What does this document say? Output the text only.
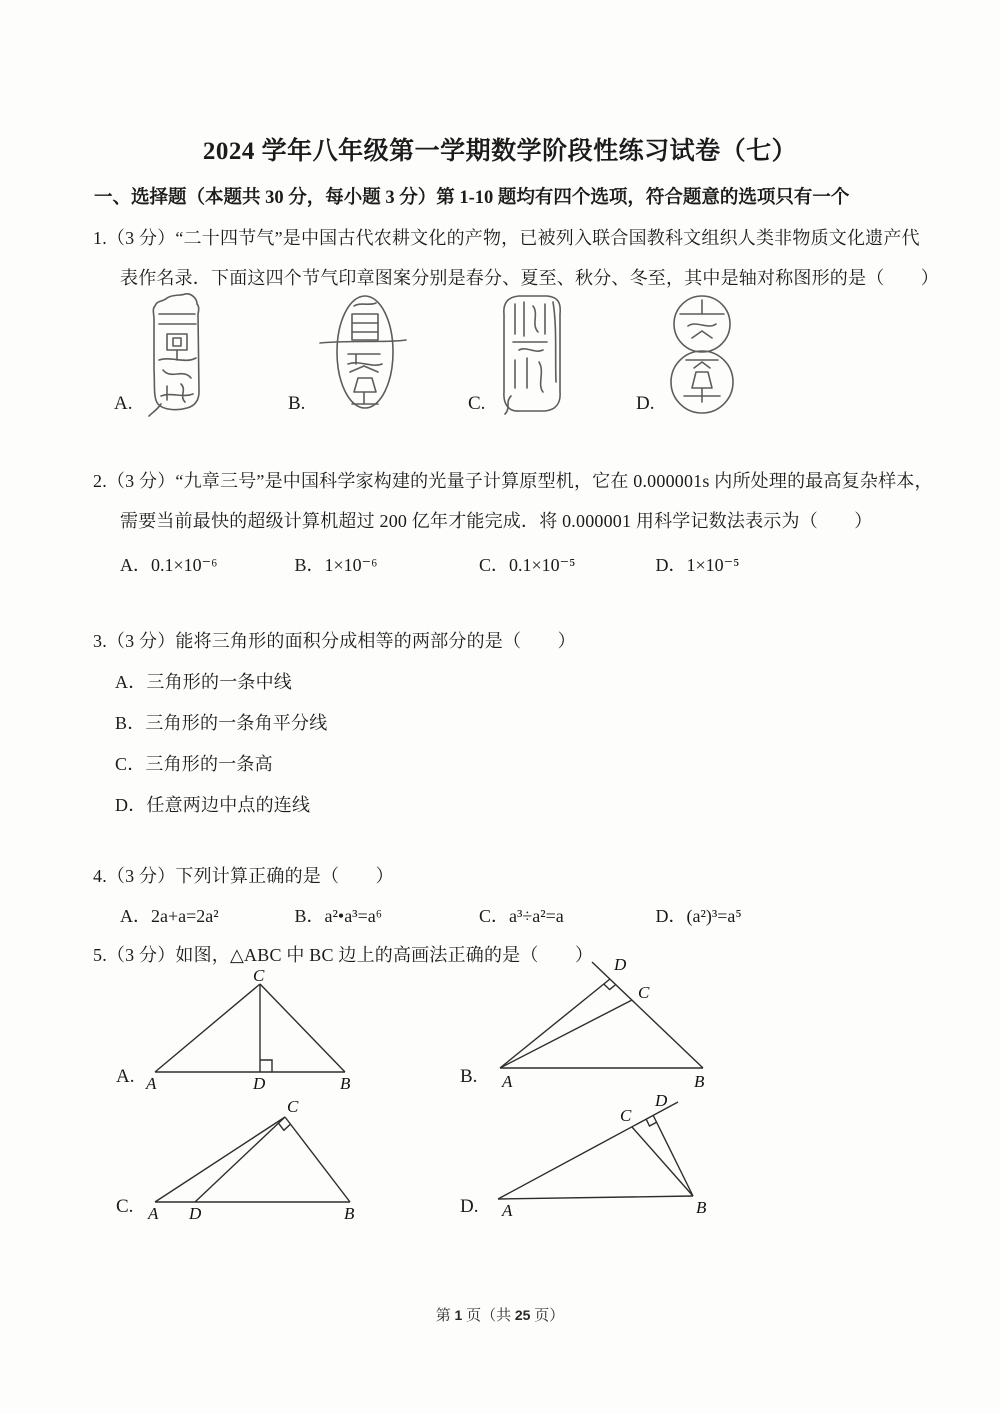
2024 学年八年级第一学期数学阶段性练习试卷（七）
一、选择题（本题共 30 分，每小题 3 分）第 1-10 题均有四个选项，符合题意的选项只有一个
1.（3 分）“二十四节气”是中国古代农耕文化的产物，已被列入联合国教科文组织人类非物质文化遗产代
表作名录．下面这四个节气印章图案分别是春分、夏至、秋分、冬至，其中是轴对称图形的是（　　）
A.	B.	C.	D.
2.（3 分）“九章三号”是中国科学家构建的光量子计算原型机，它在 0.000001s 内所处理的最高复杂样本，
需要当前最快的超级计算机超过 200 亿年才能完成．将 0.000001 用科学记数法表示为（　　）
A．0.1×10⁻⁶	B．1×10⁻⁶	C．0.1×10⁻⁵	D．1×10⁻⁵
3.（3 分）能将三角形的面积分成相等的两部分的是（　　）
A．三角形的一条中线
B．三角形的一条角平分线
C．三角形的一条高
D．任意两边中点的连线
4.（3 分）下列计算正确的是（　　）
A．2a+a=2a²	B．a²•a³=a⁶	C．a³÷a²=a	D．(a²)³=a⁵
5.（3 分）如图，△ABC 中 BC 边上的高画法正确的是（　　）
C
A	D	B
A.
D
C
A	B
B.
C
A D	B
C.
D
C
A	B
D.
第 1 页（共 25 页）
